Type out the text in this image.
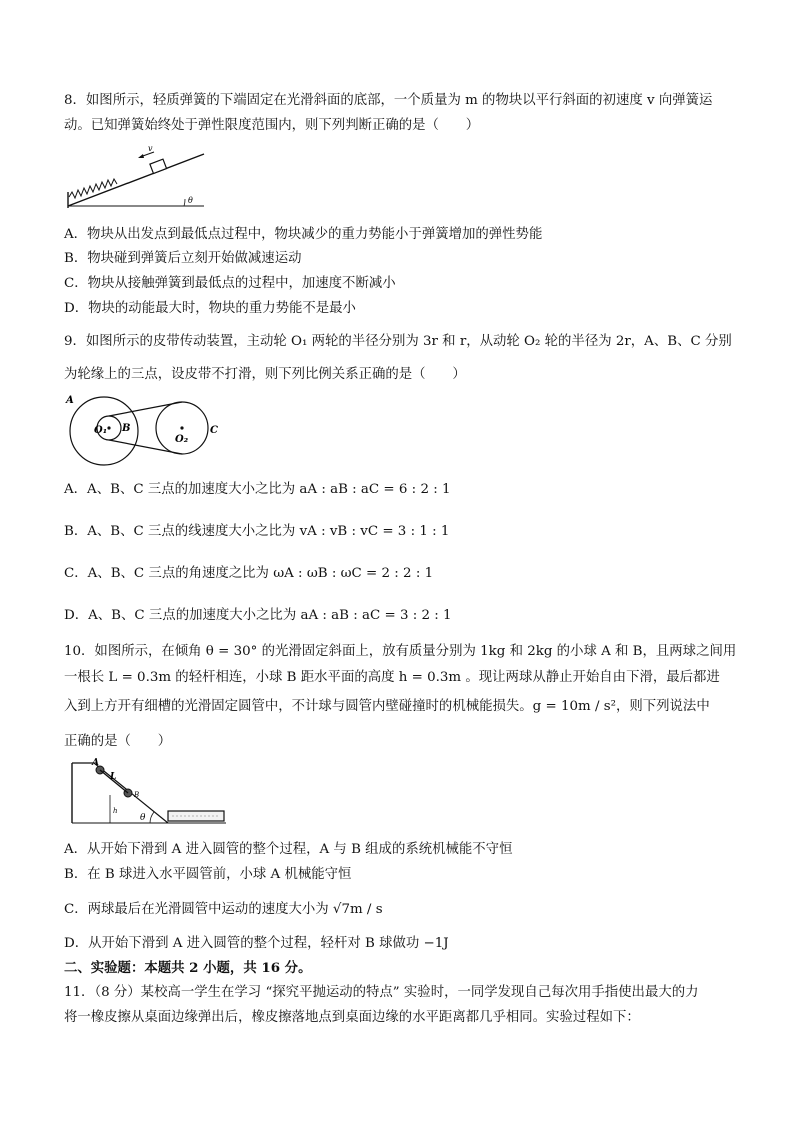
8．如图所示，轻质弹簧的下端固定在光滑斜面的底部，一个质量为 m 的物块以平行斜面的初速度 v 向弹簧运
动。已知弹簧始终处于弹性限度范围内，则下列判断正确的是（　　）
v
θ
A．物块从出发点到最低点过程中，物块减少的重力势能小于弹簧增加的弹性势能
B．物块碰到弹簧后立刻开始做减速运动
C．物块从接触弹簧到最低点的过程中，加速度不断减小
D．物块的动能最大时，物块的重力势能不是最小
9．如图所示的皮带传动装置，主动轮 O₁ 两轮的半径分别为 3r 和 r，从动轮 O₂ 轮的半径为 2r，A、B、C 分别
为轮缘上的三点，设皮带不打滑，则下列比例关系正确的是（　　）
O₁
O₂
B
A
C
A．A、B、C 三点的加速度大小之比为 aA : aB : aC = 6 : 2 : 1
B．A、B、C 三点的线速度大小之比为 vA : vB : vC = 3 : 1 : 1
C．A、B、C 三点的角速度之比为 ωA : ωB : ωC = 2 : 2 : 1
D．A、B、C 三点的加速度大小之比为 aA : aB : aC = 3 : 2 : 1
10．如图所示，在倾角 θ = 30° 的光滑固定斜面上，放有质量分别为 1kg 和 2kg 的小球 A 和 B，且两球之间用
一根长 L = 0.3m 的轻杆相连，小球 B 距水平面的高度 h = 0.3m 。现让两球从静止开始自由下滑，最后都进
入到上方开有细槽的光滑固定圆管中，不计球与圆管内壁碰撞时的机械能损失。g = 10m / s²，则下列说法中
正确的是（　　）
A
L
B
h
θ
A．从开始下滑到 A 进入圆管的整个过程，A 与 B 组成的系统机械能不守恒
B．在 B 球进入水平圆管前，小球 A 机械能守恒
C．两球最后在光滑圆管中运动的速度大小为 √7m / s
D．从开始下滑到 A 进入圆管的整个过程，轻杆对 B 球做功 −1J
二、实验题：本题共 2 小题，共 16 分。
11．（8 分）某校高一学生在学习 “探究平抛运动的特点” 实验时，一同学发现自己每次用手指使出最大的力
将一橡皮擦从桌面边缘弹出后，橡皮擦落地点到桌面边缘的水平距离都几乎相同。实验过程如下：
